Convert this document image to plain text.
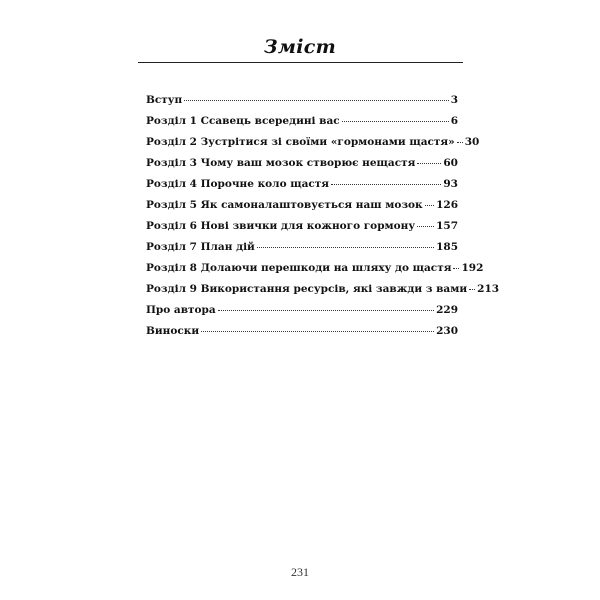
Зміст
Вступ	3
Розділ 1 Ссавець всередині вас	6
Розділ 2 Зустрітися зі своїми «гормонами щастя» 30
Розділ 3 Чому ваш мозок створює нещастя	60
Розділ 4 Порочне коло щастя	93
Розділ 5 Як самоналаштовується наш мозок 126
Розділ 6 Нові звички для кожного гормону 157
Розділ 7 План дій	185
Розділ 8 Долаючи перешкоди на шляху до щастя 192
Розділ 9 Використання ресурсів, які завжди з вами 213
Про автора	229
Виноски	230
231
